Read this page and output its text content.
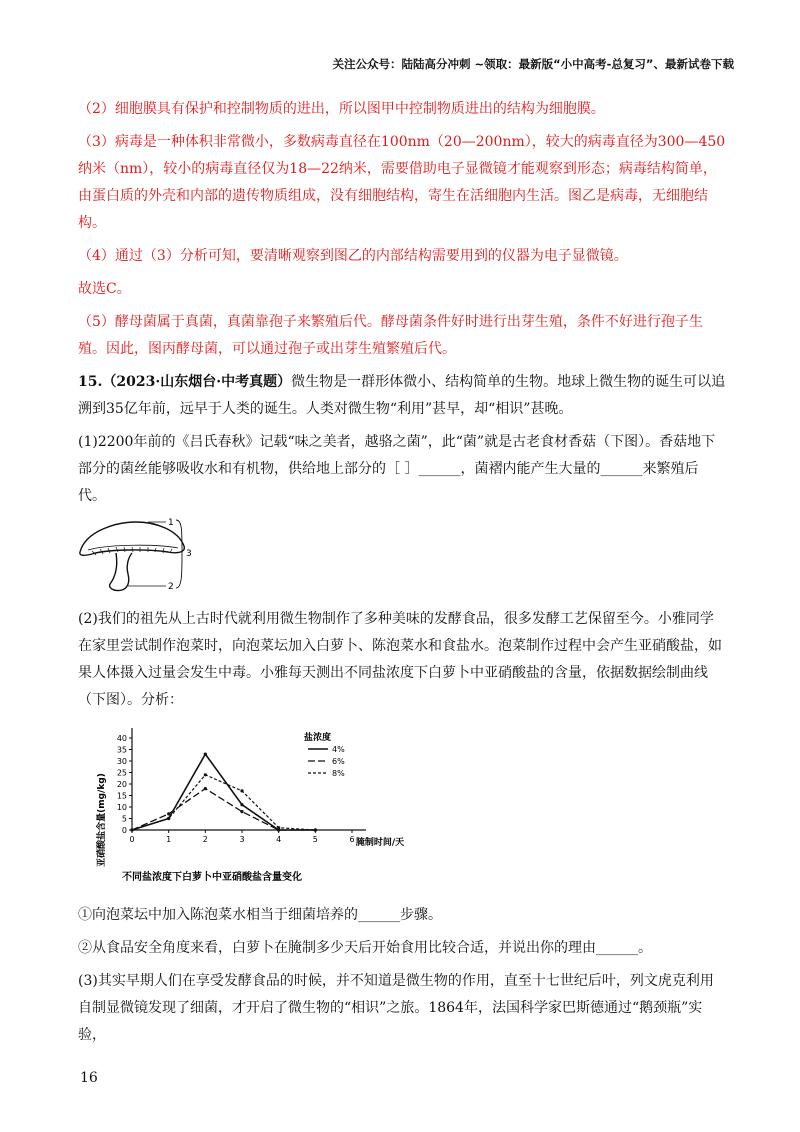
关注公众号：陆陆高分冲刺 ~领取：最新版“小中高考-总复习”、最新试卷下载

（2）细胞膜具有保护和控制物质的进出，所以图甲中控制物质进出的结构为细胞膜。

（3）病毒是一种体积非常微小，多数病毒直径在100nm（20—200nm），较大的病毒直径为300—450纳米（nm），较小的病毒直径仅为18—22纳米，需要借助电子显微镜才能观察到形态；病毒结构简单，由蛋白质的外壳和内部的遗传物质组成，没有细胞结构，寄生在活细胞内生活。图乙是病毒，无细胞结构。

（4）通过（3）分析可知，要清晰观察到图乙的内部结构需要用到的仪器为电子显微镜。

故选C。

（5）酵母菌属于真菌，真菌靠孢子来繁殖后代。酵母菌条件好时进行出芽生殖，条件不好进行孢子生殖。因此，图丙酵母菌，可以通过孢子或出芽生殖繁殖后代。

15.（2023·山东烟台·中考真题）微生物是一群形体微小、结构简单的生物。地球上微生物的诞生可以追溯到35亿年前，远早于人类的诞生。人类对微生物“利用”甚早，却“相识”甚晚。

(1)2200年前的《吕氏春秋》记载“味之美者，越骆之菌”，此“菌”就是古老食材香菇（下图）。香菇地下部分的菌丝能够吸收水和有机物，供给地上部分的［ ］______，菌褶内能产生大量的______来繁殖后代。

1
2
3

(2)我们的祖先从上古时代就利用微生物制作了多种美味的发酵食品，很多发酵工艺保留至今。小雅同学在家里尝试制作泡菜时，向泡菜坛加入白萝卜、陈泡菜水和食盐水。泡菜制作过程中会产生亚硝酸盐，如果人体摄入过量会发生中毒。小雅每天测出不同盐浓度下白萝卜中亚硝酸盐的含量，依据数据绘制曲线（下图）。分析：

亚硝酸盐含量(mg/kg)	腌制时间/天
不同盐浓度下白萝卜中亚硝酸盐含量变化
盐浓度
0
5
10
15
20
25
30
35
40
0	1	2	3	4	5	6
4%
6%
8%

①向泡菜坛中加入陈泡菜水相当于细菌培养的______步骤。

②从食品安全角度来看，白萝卜在腌制多少天后开始食用比较合适，并说出你的理由______。

(3)其实早期人们在享受发酵食品的时候，并不知道是微生物的作用，直至十七世纪后叶，列文虎克利用自制显微镜发现了细菌，才开启了微生物的“相识”之旅。1864年，法国科学家巴斯德通过“鹅颈瓶”实验，

16
